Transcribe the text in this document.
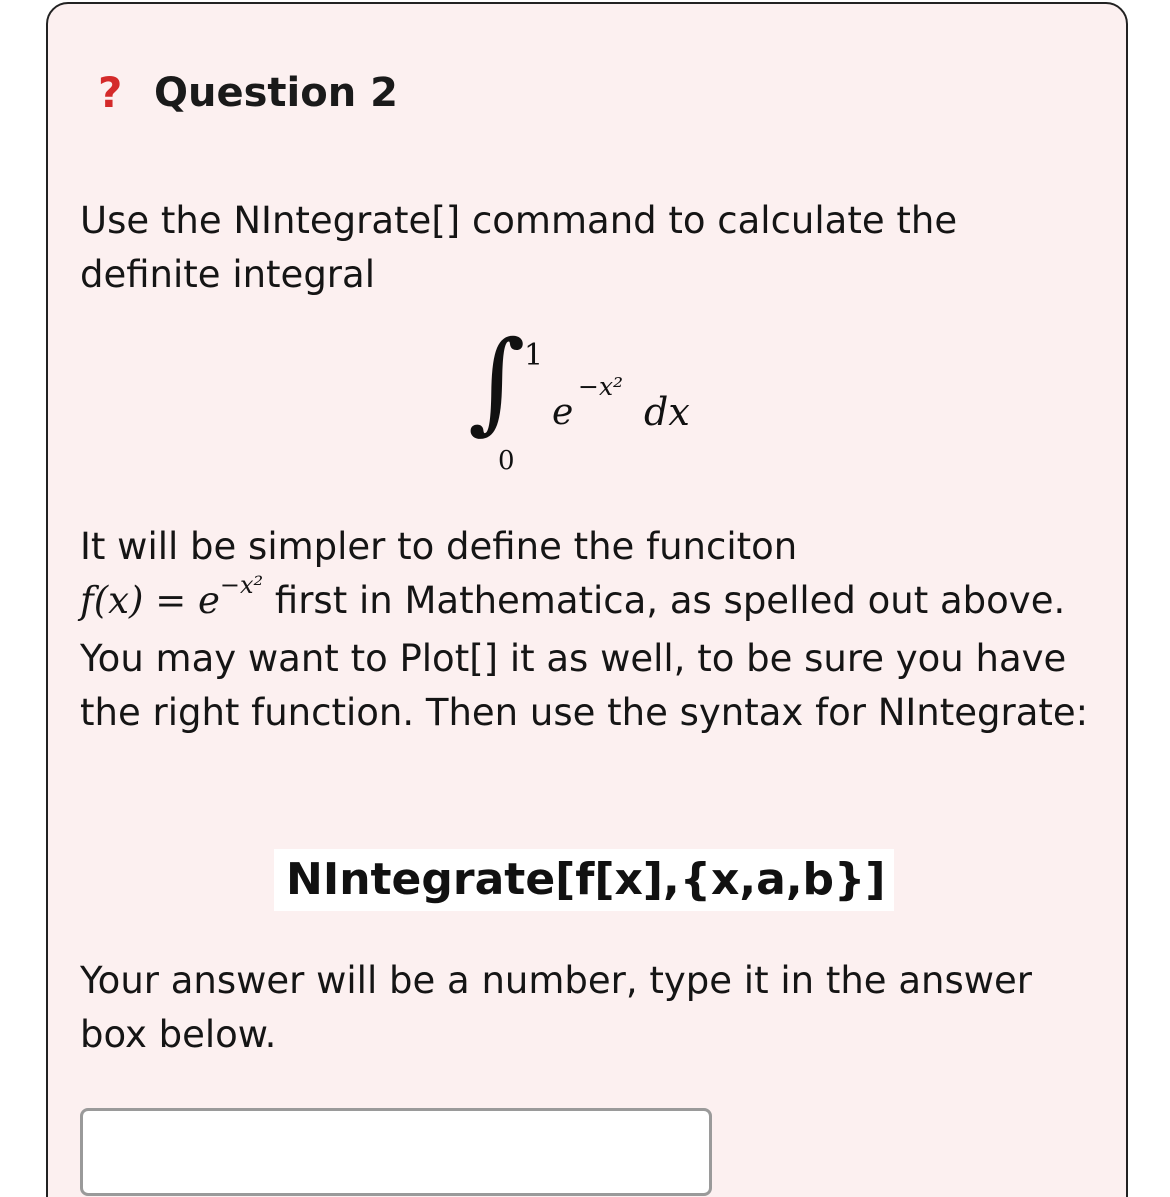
? Question 2
Use the NIntegrate[] command to calculate the definite integral
∫
1
0
e
−x²
dx
It will be simpler to define the funciton
$f(x) = e^{-x^2}$ first in Mathematica, as spelled out above. You may want to Plot[] it as well, to be sure you have the right function. Then use the syntax for NIntegrate:
NIntegrate[f[x],{x,a,b}]
Your answer will be a number, type it in the answer box below.
